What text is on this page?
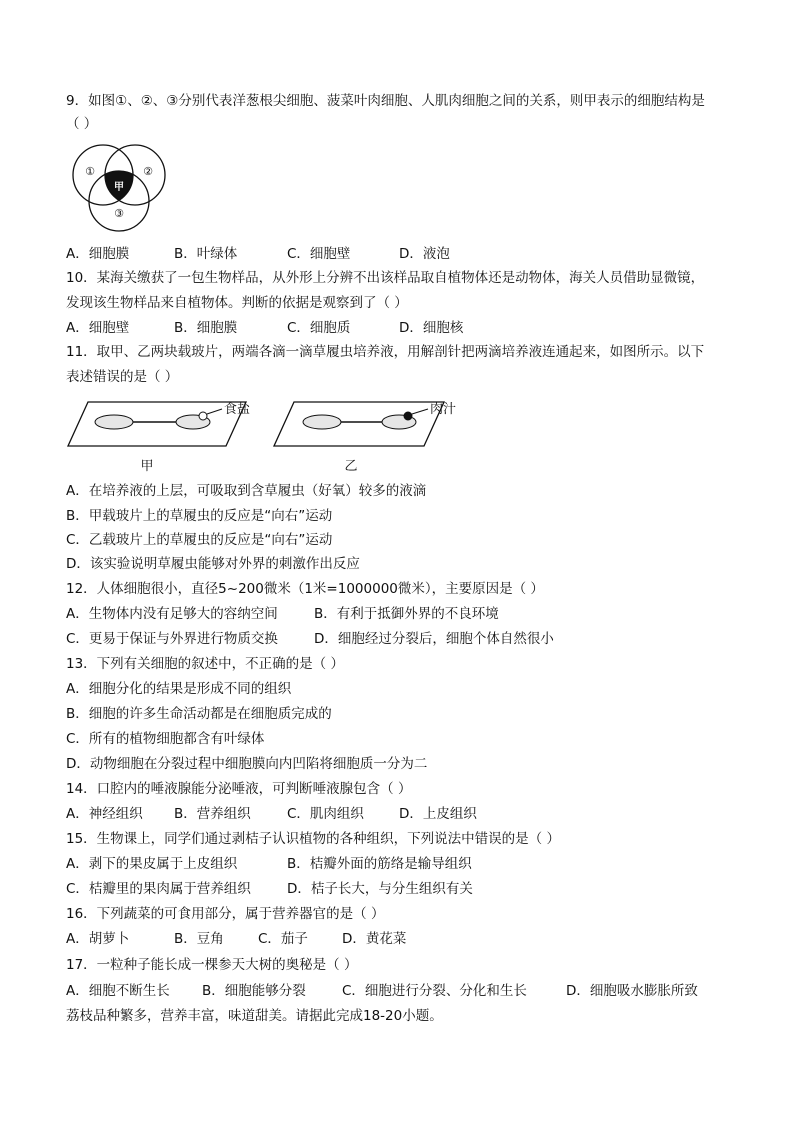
9．如图①、②、③分别代表洋葱根尖细胞、菠菜叶肉细胞、人肌肉细胞之间的关系，则甲表示的细胞结构是
（ ）
①	②
③
甲
A．细胞膜	B．叶绿体	C．细胞壁	D．液泡
10．某海关缴获了一包生物样品，从外形上分辨不出该样品取自植物体还是动物体，海关人员借助显微镜，
发现该生物样品来自植物体。判断的依据是观察到了（ ）
A．细胞壁	B．细胞膜	C．细胞质	D．细胞核
11．取甲、乙两块载玻片，两端各滴一滴草履虫培养液，用解剖针把两滴培养液连通起来，如图所示。以下
表述错误的是（ ）
食盐
甲
肉汁
乙
A．在培养液的上层，可吸取到含草履虫（好氧）较多的液滴
B．甲载玻片上的草履虫的反应是“向右”运动
C．乙载玻片上的草履虫的反应是“向右”运动
D．该实验说明草履虫能够对外界的刺激作出反应
12．人体细胞很小，直径5~200微米（1米=1000000微米），主要原因是（ ）
A．生物体内没有足够大的容纳空间	B．有利于抵御外界的不良环境
C．更易于保证与外界进行物质交换	D．细胞经过分裂后，细胞个体自然很小
13．下列有关细胞的叙述中，不正确的是（ ）
A．细胞分化的结果是形成不同的组织
B．细胞的许多生命活动都是在细胞质完成的
C．所有的植物细胞都含有叶绿体
D．动物细胞在分裂过程中细胞膜向内凹陷将细胞质一分为二
14．口腔内的唾液腺能分泌唾液，可判断唾液腺包含（ ）
A．神经组织 B．营养组织	C．肌肉组织	D．上皮组织
15．生物课上，同学们通过剥桔子认识植物的各种组织，下列说法中错误的是（ ）
A．剥下的果皮属于上皮组织	B．桔瓣外面的筋络是输导组织
C．桔瓣里的果肉属于营养组织	D．桔子长大，与分生组织有关
16．下列蔬菜的可食用部分，属于营养器官的是（ ）
A．胡萝卜	B．豆角	C．茄子	D．黄花菜
17．一粒种子能长成一棵参天大树的奥秘是（ ）
A．细胞不断生长 B．细胞能够分裂	C．细胞进行分裂、分化和生长	D．细胞吸水膨胀所致
荔枝品种繁多，营养丰富，味道甜美。请据此完成18-20小题。
